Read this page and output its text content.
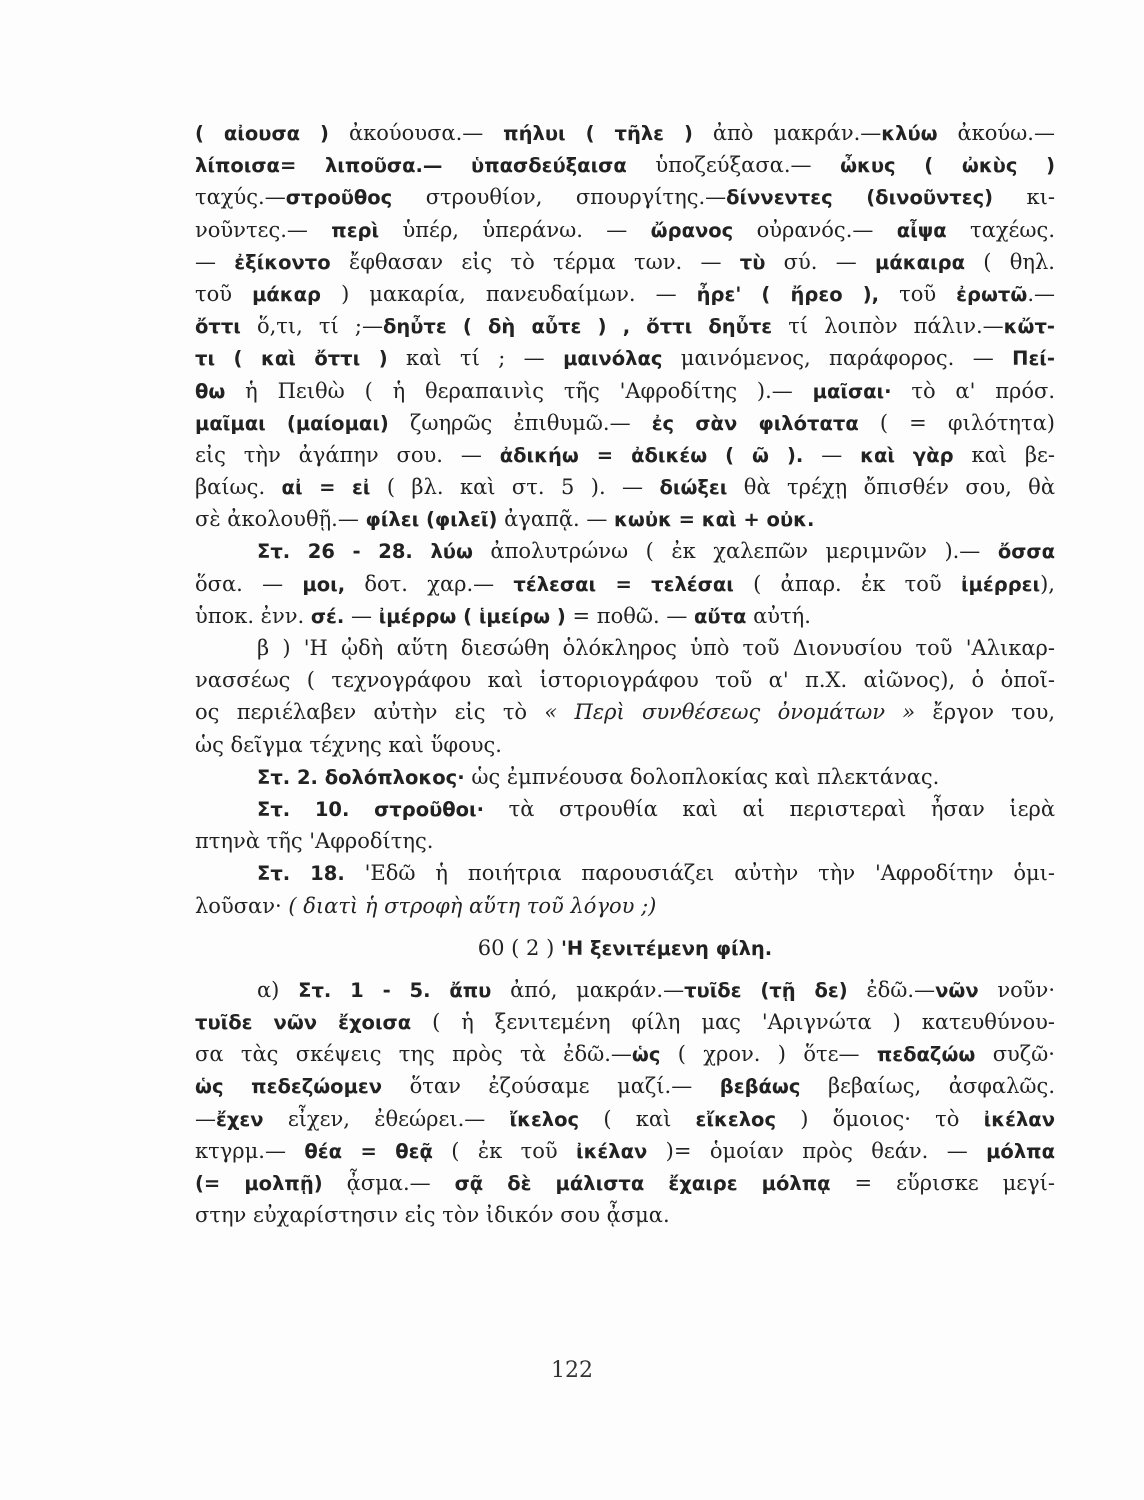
( αἰουσα ) ἀκούουσα.— πήλυι ( τῆλε ) ἀπὸ μακράν.—κλύω ἀκούω.—
λίποισα= λιποῦσα.— ὑπασδεύξαισα ὑποζεύξασα.— ὦκυς ( ὠκὺς )
ταχύς.—στροῦθος στρουθίον, σπουργίτης.—δίννεντες (δινοῦντες) κι-
νοῦντες.— περὶ ὑπέρ, ὑπεράνω. — ὤρανος οὐρανός.— αἶψα ταχέως.
— ἐξίκοντο ἔφθασαν εἰς τὸ τέρμα των. — τὺ σύ. — μάκαιρα ( θηλ.
τοῦ μάκαρ ) μακαρία, πανευδαίμων. — ἦρε' ( ἤρεο ), τοῦ ἐρωτῶ.—
ὄττι ὅ,τι, τί ;—δηὖτε ( δὴ αὖτε ) , ὄττι δηὖτε τί λοιπὸν πάλιν.—κὤτ-
τι ( καὶ ὄττι ) καὶ τί ; — μαινόλας μαινόμενος, παράφορος. — Πεί-
θω ἡ Πειθὼ ( ἡ θεραπαινὶς τῆς 'Αφροδίτης ).— μαῖσαι· τὸ α' πρόσ.
μαῖμαι (μαίομαι) ζωηρῶς ἐπιθυμῶ.— ἐς σὰν φιλότατα ( = φιλότητα)
εἰς τὴν ἀγάπην σου. — ἀδικήω = ἀδικέω ( ῶ ). — καὶ γὰρ καὶ βε-
βαίως. αἰ = εἰ ( βλ. καὶ στ. 5 ). — διώξει θὰ τρέχῃ ὄπισθέν σου, θὰ
σὲ ἀκολουθῇ.— φίλει (φιλεῖ) ἀγαπᾷ. — κωὐκ = καὶ + οὐκ.
Στ. 26 - 28. λύω ἀπολυτρώνω ( ἐκ χαλεπῶν μεριμνῶν ).— ὄσσα
ὅσα. — μοι, δοτ. χαρ.— τέλεσαι = τελέσαι ( ἀπαρ. ἐκ τοῦ ἰμέρρει),
ὑποκ. ἐνν. σέ. — ἰμέρρω ( ἱμείρω ) = ποθῶ. — αὔτα αὐτή.
β ) 'Η ᾠδὴ αὕτη διεσώθη ὁλόκληρος ὑπὸ τοῦ Διονυσίου τοῦ 'Αλικαρ-
νασσέως ( τεχνογράφου καὶ ἱστοριογράφου τοῦ α' π.Χ. αἰῶνος), ὁ ὁποῖ-
ος περιέλαβεν αὐτὴν εἰς τὸ « Περὶ συνθέσεως ὀνομάτων » ἔργον του,
ὡς δεῖγμα τέχνης καὶ ὕφους.
Στ. 2. δολόπλοκος· ὡς ἐμπνέουσα δολοπλοκίας καὶ πλεκτάνας.
Στ. 10. στροῦθοι· τὰ στρουθία καὶ αἱ περιστεραὶ ἦσαν ἱερὰ
πτηνὰ τῆς 'Αφροδίτης.
Στ. 18. 'Εδῶ ἡ ποιήτρια παρουσιάζει αὐτὴν τὴν 'Αφροδίτην ὁμι-
λοῦσαν· ( διατὶ ἡ στροφὴ αὕτη τοῦ λόγου ;)
60 ( 2 ) 'Η ξενιτέμενη φίλη.
α) Στ. 1 - 5. ἄπυ ἀπό, μακράν.—τυῖδε (τῇ δε) ἐδῶ.—νῶν νοῦν·
τυῖδε νῶν ἔχοισα ( ἡ ξενιτεμένη φίλη μας 'Αριγνώτα ) κατευθύνου-
σα τὰς σκέψεις της πρὸς τὰ ἐδῶ.—ὡς ( χρον. ) ὅτε— πεδαζώω συζῶ·
ὡς πεδεζώομεν ὅταν ἐζούσαμε μαζί.— βεβάως βεβαίως, ἀσφαλῶς.
—ἔχεν εἶχεν, ἐθεώρει.— ἴκελος ( καὶ εἴκελος ) ὅμοιος· τὸ ἰκέλαν
κτγρμ.— θέα = θεᾷ ( ἐκ τοῦ ἰκέλαν )= ὁμοίαν πρὸς θεάν. — μόλπα
(= μολπῇ) ᾆσμα.— σᾷ δὲ μάλιστα ἔχαιρε μόλπᾳ = εὕρισκε μεγί-
στην εὐχαρίστησιν εἰς τὸν ἰδικόν σου ᾆσμα.
122
